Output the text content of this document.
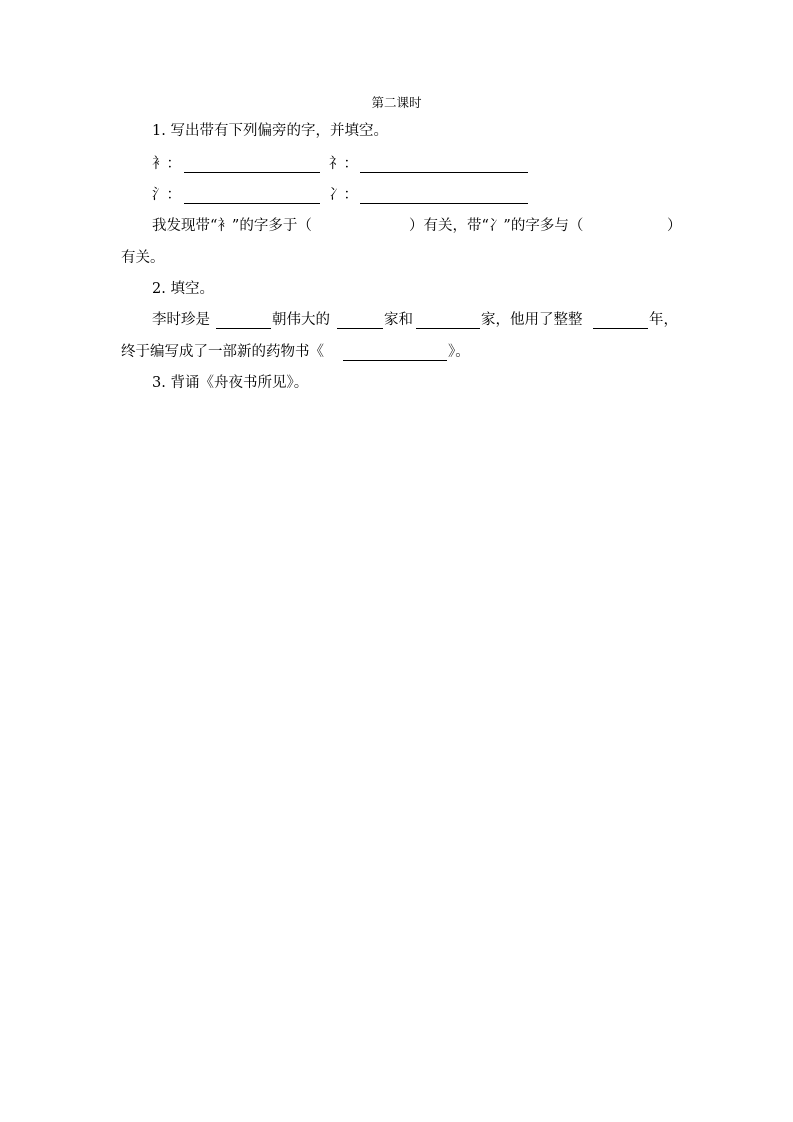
第二课时
1. 写出带有下列偏旁的字，并填空。
衤：	礻：
氵：	冫：
我发现带“衤”的字多于（	）有关，带“冫”的字多与（	）
有关。
2. 填空。
李时珍是	朝伟大的	家和	家，他用了整整	年，
终于编写成了一部新的药物书《	》。
3. 背诵《舟夜书所见》。
